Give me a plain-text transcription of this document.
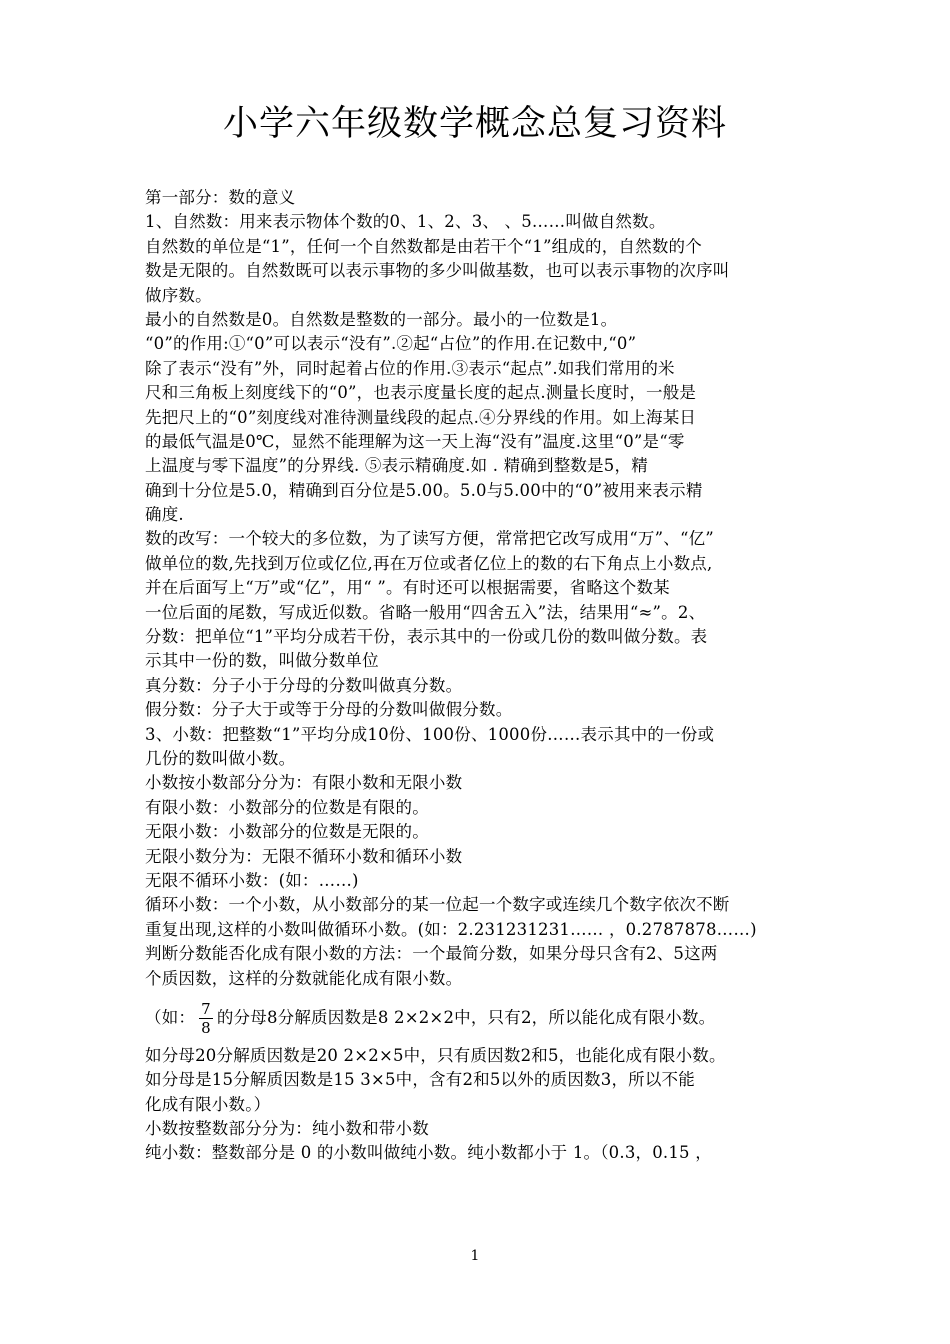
小学六年级数学概念总复习资料
第一部分：数的意义
1、自然数：用来表示物体个数的0、1、2、3、 、5……叫做自然数。
自然数的单位是“1”，任何一个自然数都是由若干个“1”组成的，自然数的个
数是无限的。自然数既可以表示事物的多少叫做基数，也可以表示事物的次序叫
做序数。
最小的自然数是0。自然数是整数的一部分。最小的一位数是1。
“0”的作用:①“0”可以表示“没有”.②起“占位”的作用.在记数中,“0”
除了表示“没有”外，同时起着占位的作用.③表示“起点”.如我们常用的米
尺和三角板上刻度线下的“0”，也表示度量长度的起点.测量长度时，一般是
先把尺上的“0”刻度线对准待测量线段的起点.④分界线的作用。如上海某日
的最低气温是0℃，显然不能理解为这一天上海“没有”温度.这里“0”是“零
上温度与零下温度”的分界线. ⑤表示精确度.如 . 精确到整数是5，精
确到十分位是5.0，精确到百分位是5.00。5.0与5.00中的“0”被用来表示精
确度.
数的改写：一个较大的多位数，为了读写方便，常常把它改写成用“万”、“亿”
做单位的数,先找到万位或亿位,再在万位或者亿位上的数的右下角点上小数点,
并在后面写上“万”或“亿”，用“ ”。有时还可以根据需要，省略这个数某
一位后面的尾数，写成近似数。省略一般用“四舍五入”法，结果用“≈”。2、
分数：把单位“1”平均分成若干份，表示其中的一份或几份的数叫做分数。表
示其中一份的数，叫做分数单位
真分数：分子小于分母的分数叫做真分数。
假分数：分子大于或等于分母的分数叫做假分数。
3、小数：把整数“1”平均分成10份、100份、1000份……表示其中的一份或
几份的数叫做小数。
小数按小数部分分为：有限小数和无限小数
有限小数：小数部分的位数是有限的。
无限小数：小数部分的位数是无限的。
无限小数分为：无限不循环小数和循环小数
无限不循环小数：(如：……)
循环小数：一个小数，从小数部分的某一位起一个数字或连续几个数字依次不断
重复出现,这样的小数叫做循环小数。(如：2.231231231…… ，0.2787878……)
判断分数能否化成有限小数的方法：一个最简分数，如果分母只含有2、5这两
个质因数，这样的分数就能化成有限小数。
（如： $\frac{7}{8}$ 的分母8分解质因数是8 2×2×2中，只有2，所以能化成有限小数。
如分母20分解质因数是20 2×2×5中，只有质因数2和5，也能化成有限小数。
如分母是15分解质因数是15 3×5中，含有2和5以外的质因数3，所以不能
化成有限小数。）
小数按整数部分分为：纯小数和带小数
纯小数：整数部分是 0 的小数叫做纯小数。纯小数都小于 1。（0.3，0.15 ，
1
